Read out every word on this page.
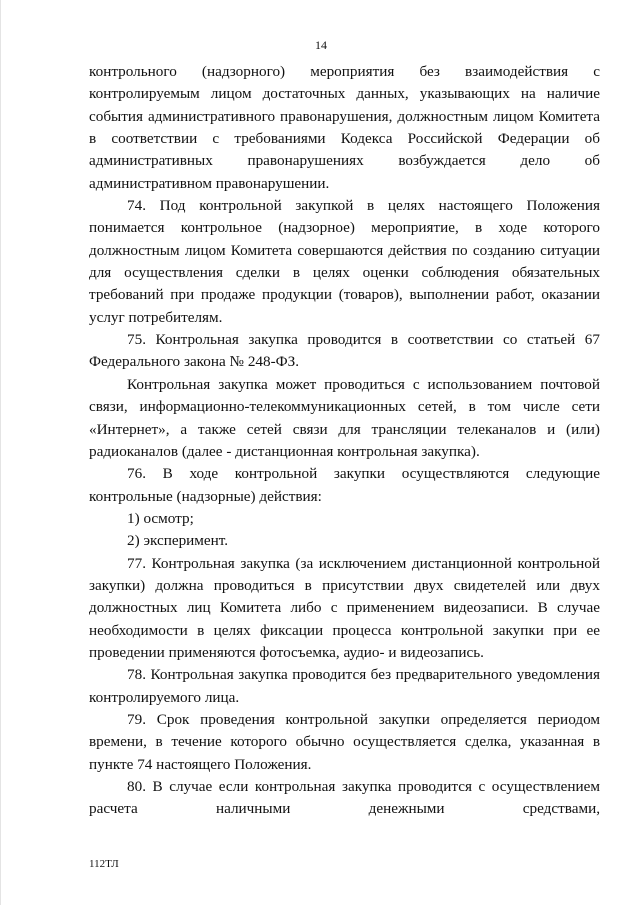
14

контрольного (надзорного) мероприятия без взаимодействия с контролируемым лицом достаточных данных, указывающих на наличие события административного правонарушения, должностным лицом Комитета в соответствии с требованиями Кодекса Российской Федерации об административных правонарушениях возбуждается дело об административном правонарушении.

74. Под контрольной закупкой в целях настоящего Положения понимается контрольное (надзорное) мероприятие, в ходе которого должностным лицом Комитета совершаются действия по созданию ситуации для осуществления сделки в целях оценки соблюдения обязательных требований при продаже продукции (товаров), выполнении работ, оказании услуг потребителям.

75. Контрольная закупка проводится в соответствии со статьей 67 Федерального закона № 248-ФЗ.

Контрольная закупка может проводиться с использованием почтовой связи, информационно-телекоммуникационных сетей, в том числе сети «Интернет», а также сетей связи для трансляции телеканалов и (или) радиоканалов (далее - дистанционная контрольная закупка).

76. В ходе контрольной закупки осуществляются следующие контрольные (надзорные) действия:

1) осмотр;

2) эксперимент.

77. Контрольная закупка (за исключением дистанционной контрольной закупки) должна проводиться в присутствии двух свидетелей или двух должностных лиц Комитета либо с применением видеозаписи. В случае необходимости в целях фиксации процесса контрольной закупки при ее проведении применяются фотосъемка, аудио- и видеозапись.

78. Контрольная закупка проводится без предварительного уведомления контролируемого лица.

79. Срок проведения контрольной закупки определяется периодом времени, в течение которого обычно осуществляется сделка, указанная в пункте 74 настоящего Положения.

80. В случае если контрольная закупка проводится с осуществлением расчета наличными денежными средствами,

112ТЛ
